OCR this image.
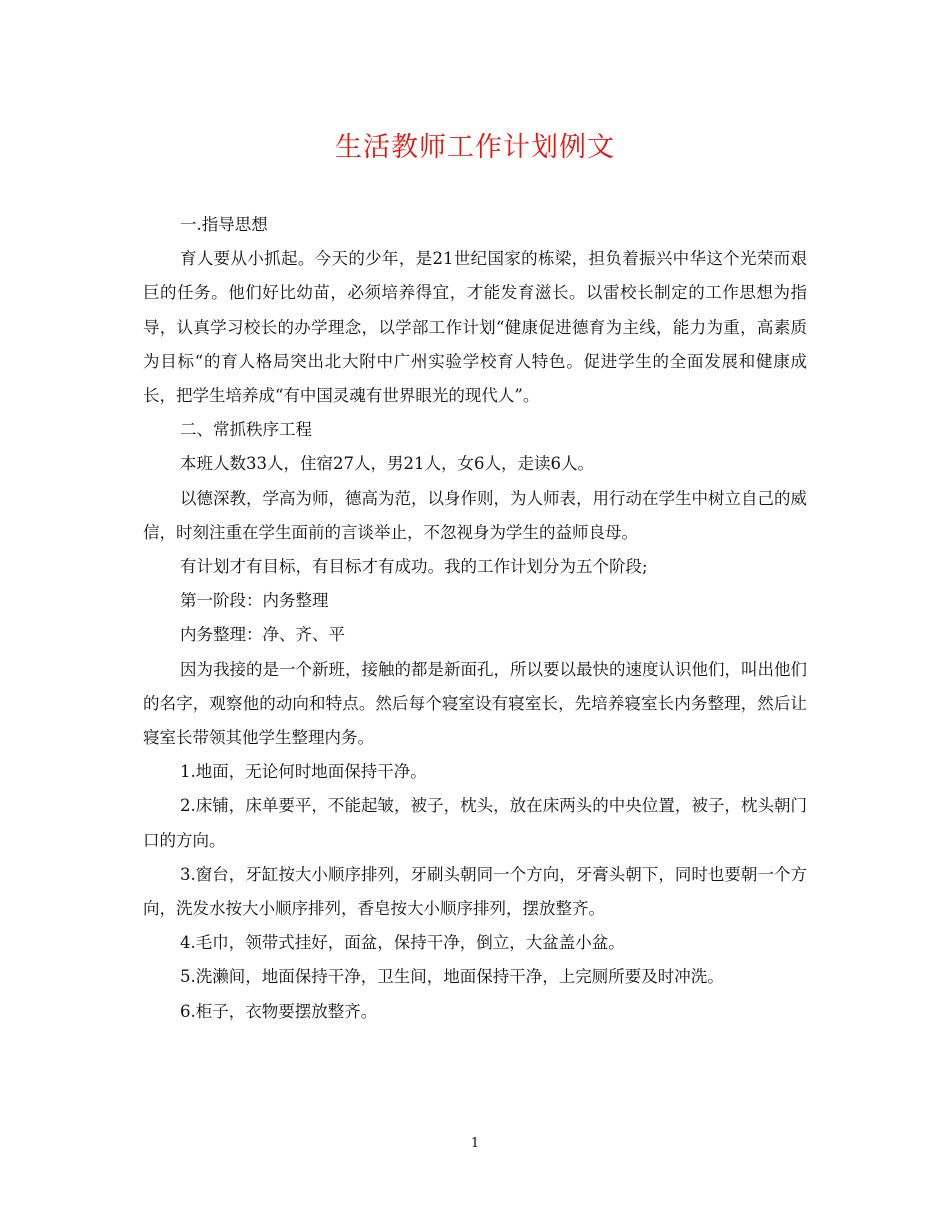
生活教师工作计划例文

一.指导思想

育人要从小抓起。今天的少年，是21世纪国家的栋梁，担负着振兴中华这个光荣而艰巨的任务。他们好比幼苗，必须培养得宜，才能发育滋长。以雷校长制定的工作思想为指导，认真学习校长的办学理念，以学部工作计划“健康促进德育为主线，能力为重，高素质为目标“的育人格局突出北大附中广州实验学校育人特色。促进学生的全面发展和健康成长，把学生培养成“有中国灵魂有世界眼光的现代人”。

二、常抓秩序工程

本班人数33人，住宿27人，男21人，女6人，走读6人。

以德深教，学高为师，德高为范，以身作则，为人师表，用行动在学生中树立自己的威信，时刻注重在学生面前的言谈举止，不忽视身为学生的益师良母。

有计划才有目标，有目标才有成功。我的工作计划分为五个阶段;

第一阶段：内务整理

内务整理：净、齐、平

因为我接的是一个新班，接触的都是新面孔，所以要以最快的速度认识他们，叫出他们的名字，观察他的动向和特点。然后每个寝室设有寝室长，先培养寝室长内务整理，然后让寝室长带领其他学生整理内务。

1.地面，无论何时地面保持干净。

2.床铺，床单要平，不能起皱，被子，枕头，放在床两头的中央位置，被子，枕头朝门口的方向。

3.窗台，牙缸按大小顺序排列，牙刷头朝同一个方向，牙膏头朝下，同时也要朝一个方向，洗发水按大小顺序排列，香皂按大小顺序排列，摆放整齐。

4.毛巾，领带式挂好，面盆，保持干净，倒立，大盆盖小盆。

5.洗濑间，地面保持干净，卫生间，地面保持干净，上完厕所要及时冲洗。

6.柜子，衣物要摆放整齐。

1
